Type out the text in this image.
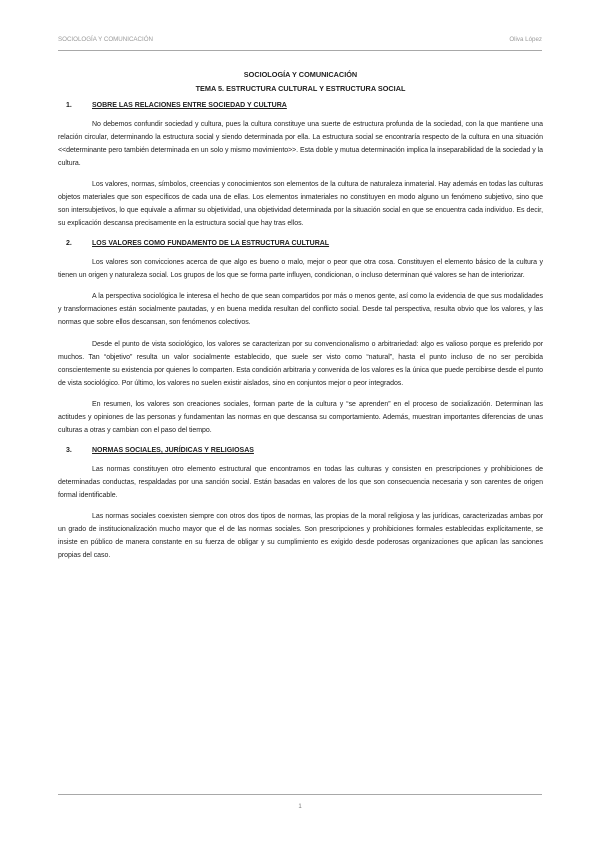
SOCIOLOGÍA Y COMUNICACIÓN	Oliva López
SOCIOLOGÍA Y COMUNICACIÓN
TEMA 5. ESTRUCTURA CULTURAL Y ESTRUCTURA SOCIAL
1.	SOBRE LAS RELACIONES ENTRE SOCIEDAD Y CULTURA

No debemos confundir sociedad y cultura, pues la cultura constituye una suerte de estructura profunda de la sociedad, con la que mantiene una relación circular, determinando la estructura social y siendo determinada por ella. La estructura social se encontraría respecto de la cultura en una situación <<determinante pero también determinada en un solo y mismo movimiento>>. Esta doble y mutua determinación implica la inseparabilidad de la sociedad y la cultura.

Los valores, normas, símbolos, creencias y conocimientos son elementos de la cultura de naturaleza inmaterial. Hay además en todas las culturas objetos materiales que son específicos de cada una de ellas. Los elementos inmateriales no constituyen en modo alguno un fenómeno subjetivo, sino que son intersubjetivos, lo que equivale a afirmar su objetividad, una objetividad determinada por la situación social en que se encuentra cada individuo. Es decir, su explicación descansa precisamente en la estructura social que hay tras ellos.

2.	LOS VALORES COMO FUNDAMENTO DE LA ESTRUCTURA CULTURAL

Los valores son convicciones acerca de que algo es bueno o malo, mejor o peor que otra cosa. Constituyen el elemento básico de la cultura y tienen un origen y naturaleza social. Los grupos de los que se forma parte influyen, condicionan, o incluso determinan qué valores se han de interiorizar.

A la perspectiva sociológica le interesa el hecho de que sean compartidos por más o menos gente, así como la evidencia de que sus modalidades y transformaciones están socialmente pautadas, y en buena medida resultan del conflicto social. Desde tal perspectiva, resulta obvio que los valores, y las normas que sobre ellos descansan, son fenómenos colectivos.

Desde el punto de vista sociológico, los valores se caracterizan por su convencionalismo o arbitrariedad: algo es valioso porque es preferido por muchos. Tan “objetivo” resulta un valor socialmente establecido, que suele ser visto como “natural”, hasta el punto incluso de no ser percibida conscientemente su existencia por quienes lo comparten. Esta condición arbitraria y convenida de los valores es la única que puede percibirse desde el punto de vista sociológico. Por último, los valores no suelen existir aislados, sino en conjuntos mejor o peor integrados.

En resumen, los valores son creaciones sociales, forman parte de la cultura y “se aprenden” en el proceso de socialización. Determinan las actitudes y opiniones de las personas y fundamentan las normas en que descansa su comportamiento. Además, muestran importantes diferencias de unas culturas a otras y cambian con el paso del tiempo.

3.	NORMAS SOCIALES, JURÍDICAS Y RELIGIOSAS

Las normas constituyen otro elemento estructural que encontramos en todas las culturas y consisten en prescripciones y prohibiciones de determinadas conductas, respaldadas por una sanción social. Están basadas en valores de los que son consecuencia necesaria y son carentes de origen formal identificable.

Las normas sociales coexisten siempre con otros dos tipos de normas, las propias de la moral religiosa y las jurídicas, caracterizadas ambas por un grado de institucionalización mucho mayor que el de las normas sociales. Son prescripciones y prohibiciones formales establecidas explícitamente, se insiste en público de manera constante en su fuerza de obligar y su cumplimiento es exigido desde poderosas organizaciones que aplican las sanciones propias del caso.

1
